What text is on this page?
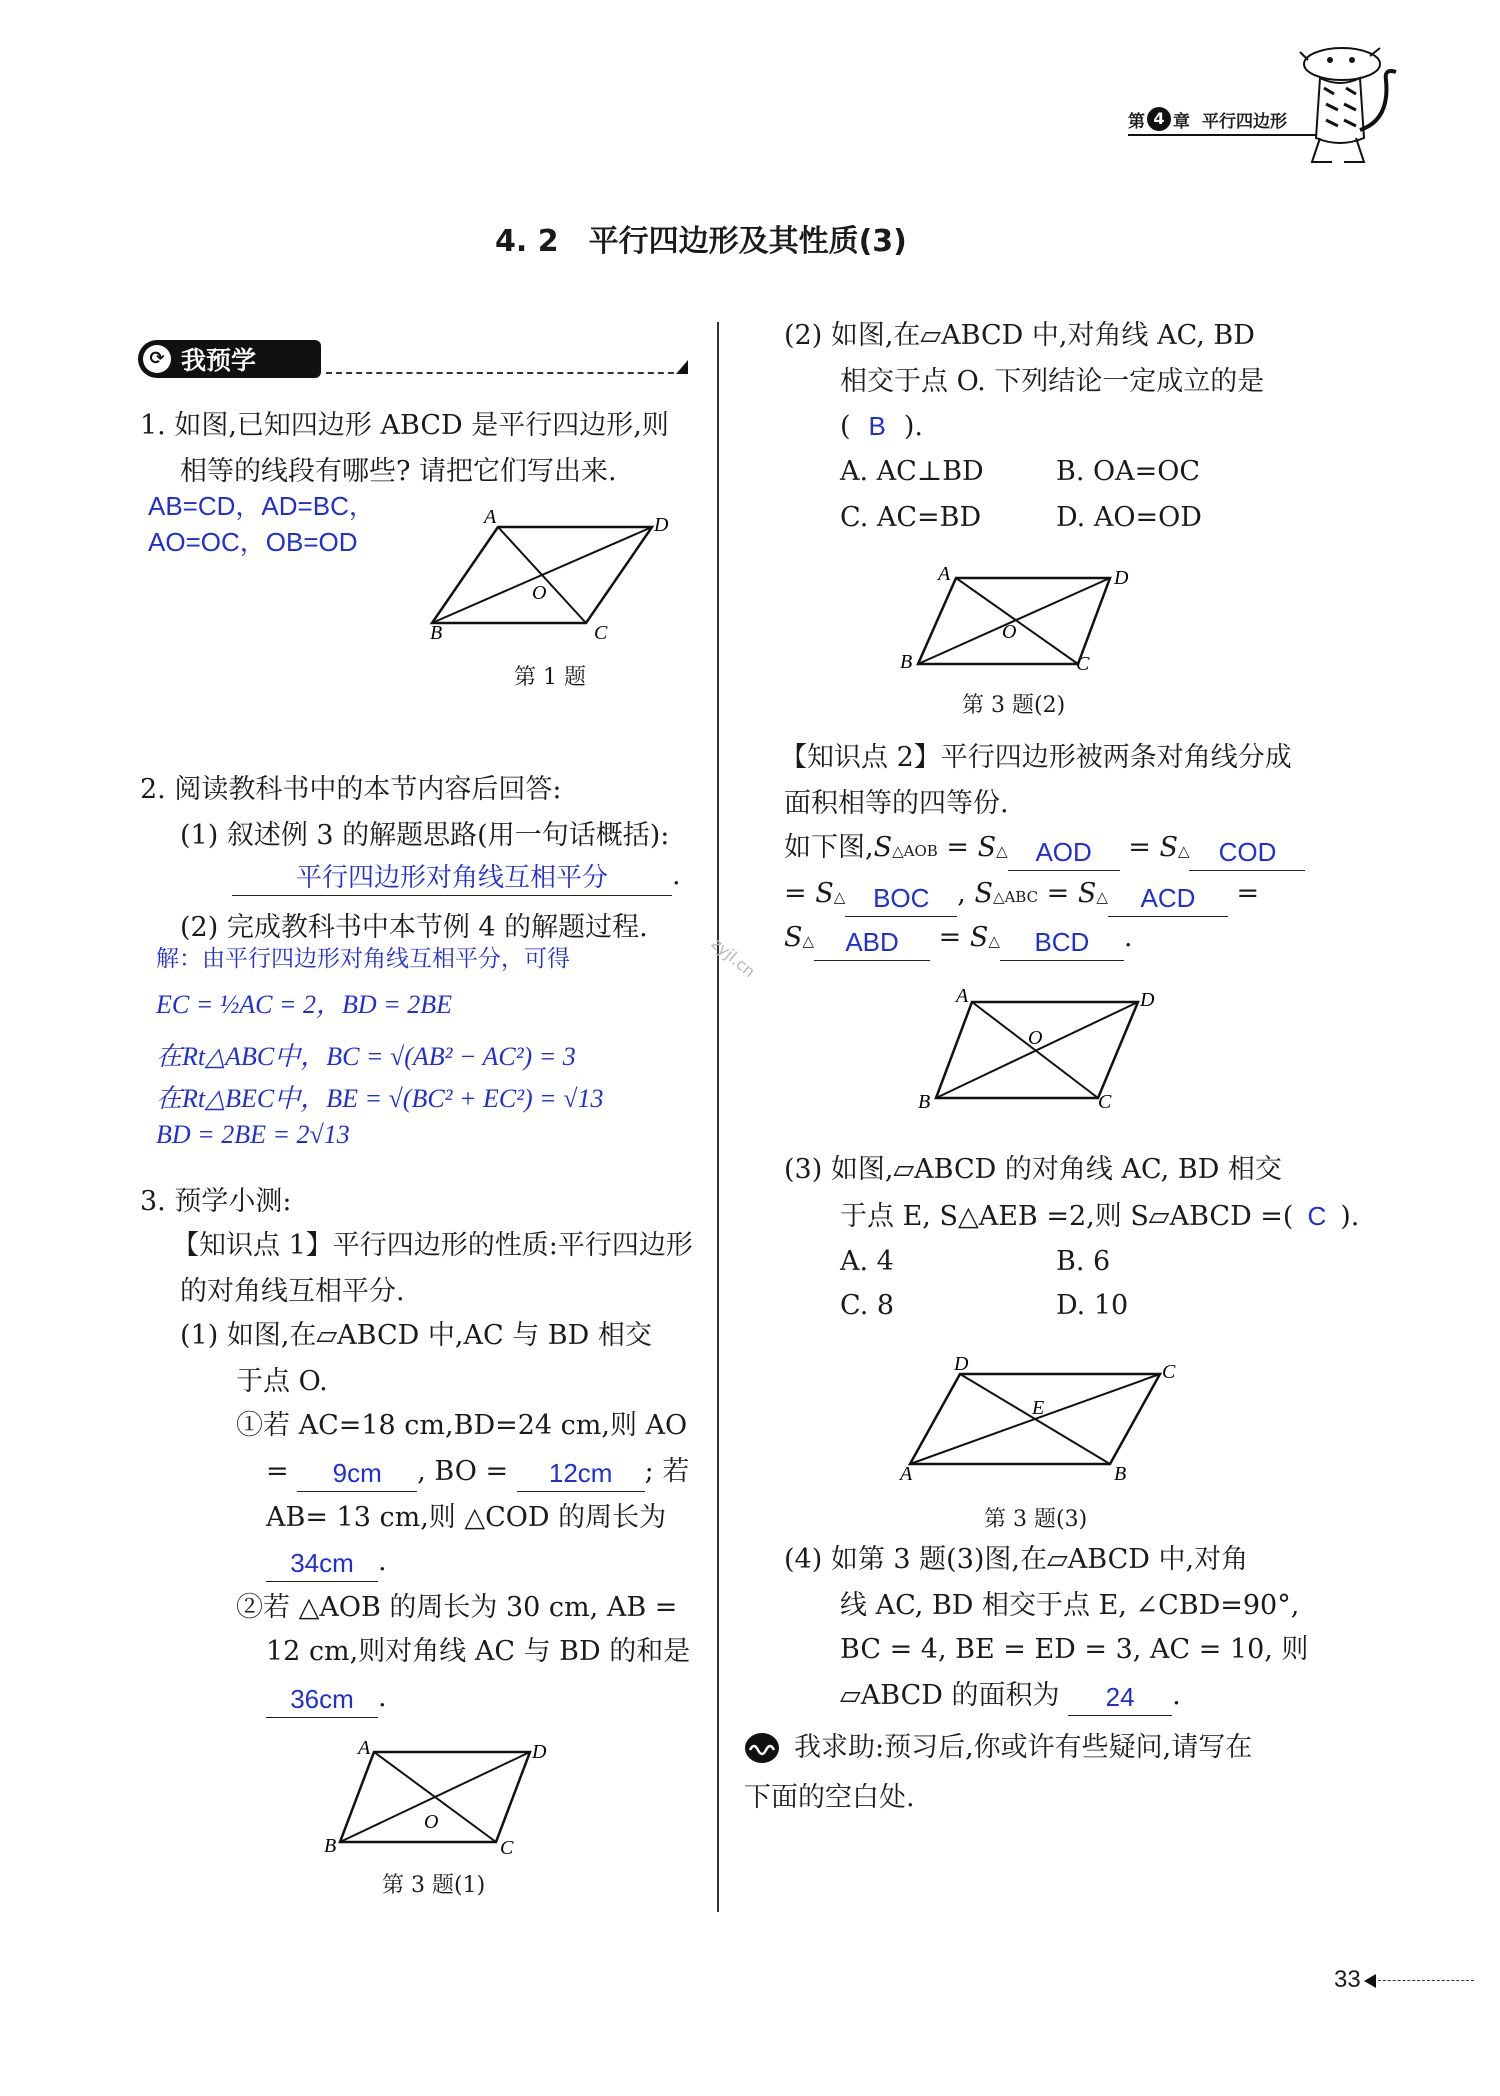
第 4 章 平行四边形
4. 2　平行四边形及其性质(3)
⟳ 我预学
1. 如图,已知四边形 ABCD 是平行四边形,则
相等的线段有哪些? 请把它们写出来.
AB=CD，AD=BC，
AO=OC，OB=OD
A	D
B	C
O
第 1 题
2. 阅读教科书中的本节内容后回答:
(1) 叙述例 3 的解题思路(用一句话概括):
平行四边形对角线互相平分 .
(2) 完成教科书中本节例 4 的解题过程.
解：由平行四边形对角线互相平分，可得
EC = ½AC = 2，BD = 2BE
在Rt△ABC中，BC = √(AB² − AC²) = 3
在Rt△BEC中，BE = √(BC² + EC²) = √13
BD = 2BE = 2√13
3. 预学小测:
【知识点 1】平行四边形的性质:平行四边形
的对角线互相平分.
(1) 如图,在▱ABCD 中,AC 与 BD 相交
于点 O.
①若 AC=18 cm,BD=24 cm,则 AO
= 9cm , BO = 12cm ; 若
AB= 13 cm,则 △COD 的周长为
34cm .
②若 △AOB 的周长为 30 cm, AB =
12 cm,则对角线 AC 与 BD 的和是
36cm .
A	D
B	C
O
第 3 题(1)
(2) 如图,在▱ABCD 中,对角线 AC, BD
相交于点 O. 下列结论一定成立的是
( B ).
A. AC⊥BD	B. OA=OC
C. AC=BD	D. AO=OD
A	D
B	C
O
第 3 题(2)
【知识点 2】平行四边形被两条对角线分成
面积相等的四等份.
如下图,S△AOB = S△ AOD = S△ COD
= S△ BOC , S△ABC = S△ ACD =
S△ ABD = S△ BCD .
zyjl.cn
A	D
B	C
O
(3) 如图,▱ABCD 的对角线 AC, BD 相交
于点 E, S△AEB =2,则 S▱ABCD =( C ).
A. 4	B. 6
C. 8	D. 10
D	C
A	B
E
第 3 题(3)
(4) 如第 3 题(3)图,在▱ABCD 中,对角
线 AC, BD 相交于点 E, ∠CBD=90°,
BC = 4, BE = ED = 3, AC = 10, 则
▱ABCD 的面积为 24 .
我求助:预习后,你或许有些疑问,请写在
下面的空白处.
33
